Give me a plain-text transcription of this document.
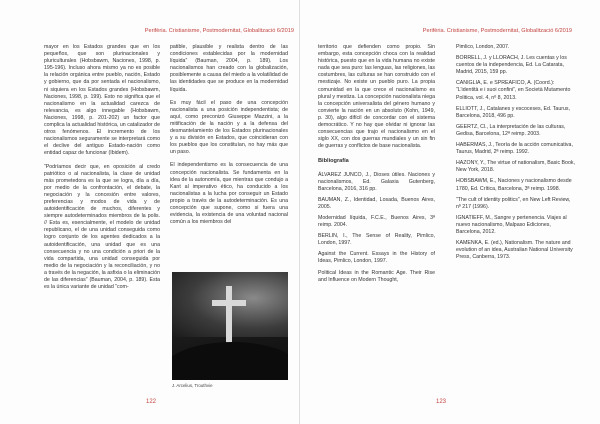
Perifèria. Cristianisme, Postmodernitat, Globalització 6/2019

mayor en los Estados grandes que en los pequeños, que son plurinacionales y pluriculturales (Hobsbawm, Naciones, 1998, p. 195-196). Incluso ahora mismo ya no es posible la relación orgánica entre pueblo, nación, Estado y gobierno, que da por sentada el nacionalismo, ni siquiera en los Estados grandes (Hobsbawm, Naciones, 1998, p. 199). Esto no significa que el nacionalismo en la actualidad carezca de relevancia, es algo innegable (Hobsbawm, Naciones, 1998, p. 201-202) un factor que complica la actualidad histórica, un catalizador de otros fenómenos. El incremento de los nacionalismos seguramente se interpretará como el declive del antiguo Estado-nación como entidad capaz de funcionar (Ibidem).

“Podríamos decir que, en oposición al credo patriótico o al nacionalista, la clase de unidad más prometedora es la que se logra, día a día, por medio de la confrontación, el debate, la negociación y la concesión entre valores, preferencias y modos de vida y de autoidentificación de muchos, diferentes y siempre autodeterminados miembros de la polis. // Esta es, esencialmente, el modelo de unidad republicano, el de una unidad conseguida como logro conjunto de los agentes dedicados a la autoidentificación, una unidad que es una consecuencia y no una condición a priori de la vida compartida, una unidad conseguida por medio de la negociación y la reconciliación, y no a través de la negación, la asfixia o la eliminación de las diferencias” (Bauman, 2004, p. 189). Esta es la única variante de unidad “com-

patible, plausible y realista dentro de las condiciones establecidas por la modernidad líquida” (Bauman, 2004, p. 189). Los nacionalismos han creado con la globalización, posiblemente a causa del miedo a la volatilidad de las identidades que se produce en la modernidad líquida.

Es muy fácil el paso de una concepción nacionalista a una posición independentista; de aquí, como preconizó Giuseppe Mazzini, a la mitificación de la nación y a la defensa del desmantelamiento de los Estados plurinacionales y a su división en Estados, que coincidieran con los pueblos que los constituían, no hay más que un paso.

El independentismo es la consecuencia de una concepción nacionalista. Se fundamenta en la idea de la autonomía, que mientras que condujo a Kant al imperativo ético, ha conducido a los nacionalistas a la lucha por conseguir un Estado propio a través de la autodeterminación. Es una concepción que supone, como si fuera una evidencia, la existencia de una voluntad nacional común a los miembros del

J. Arcelius, Trouthvie
122
Perifèria. Cristianisme, Postmodernitat, Globalització 6/2019

territorio que defienden como propio. Sin embargo, esta concepción choca con la realidad histórica, puesto que en la vida humana no existe nada que sea puro: las lenguas, las religiones, las costumbres, las culturas se han construido con el mestizaje. No existe un pueblo puro. La propia comunidad en la que crece el nacionalismo es plural y mestiza. La concepción nacionalista niega la concepción universalista del género humano y convierte la nación en un absoluto (Kohn, 1949, p. 30), algo difícil de concordar con el sistema democrático. Y no hay que olvidar ni ignorar las consecuencias que trajo el nacionalismo en el siglo XX, con dos guerras mundiales y un sin fin de guerras y conflictos de base nacionalista.

Bibliografía

ÁLVAREZ JUNCO, J., Dioses útiles. Naciones y nacionalismos, Ed. Galaxia Gutenberg, Barcelona, 2016, 316 pp.

BAUMAN, Z., Identidad, Losada, Buenos Aires, 2005.

Modernidad líquida, F.C.E., Buenos Aires, 3ª reimp. 2004.

BERLIN, I., The Sense of Reality, Pimlico, London, 1997.

Against the Current. Essays in the History of Ideas, Pimlico, London, 1997.

Political Ideas in the Romantic Age. Their Rise and Influence on Modern Thought,

Pimlico, London, 2007.

BORRELL, J. y LLORACH, J. Les cuentas y los cuentos de la independencia, Ed. La Catarata, Madrid, 2015, 159 pp.

CANIGLIA, E. e SPREAFICO, A. (Coord.): “L’identità e i suoi confini”, en Società Mutamento Politica, vol. 4, nº 8, 2013.

ELLIOTT, J., Catalanes y escoceses, Ed. Taurus, Barcelona, 2018, 496 pp.

GEERTZ, Cl., La interpretación de las culturas, Gedisa, Barcelona, 12ª reimp. 2003.

HABERMAS, J., Teoría de la acción comunicativa, Taurus, Madrid, 2ª reimp. 1992.

HAZONY, Y., The virtue of nationalism, Basic Book, New York, 2018.

HOBSBAWM, E., Naciones y nacionalismo desde 1780, Ed. Crítica, Barcelona, 3ª reimp. 1998.

“The cult of identity politics”, en New Left Review, nº 217 (1996).

IGNATIEFF, M., Sangre y pertenencia. Viajes al nuevo nacionalismo, Malpaso Ediciones, Barcelona, 2012.

KAMENKA, E. (ed.), Nationalism. The nature and evolution of an idea, Australian National University Press, Canberra, 1973.

123
